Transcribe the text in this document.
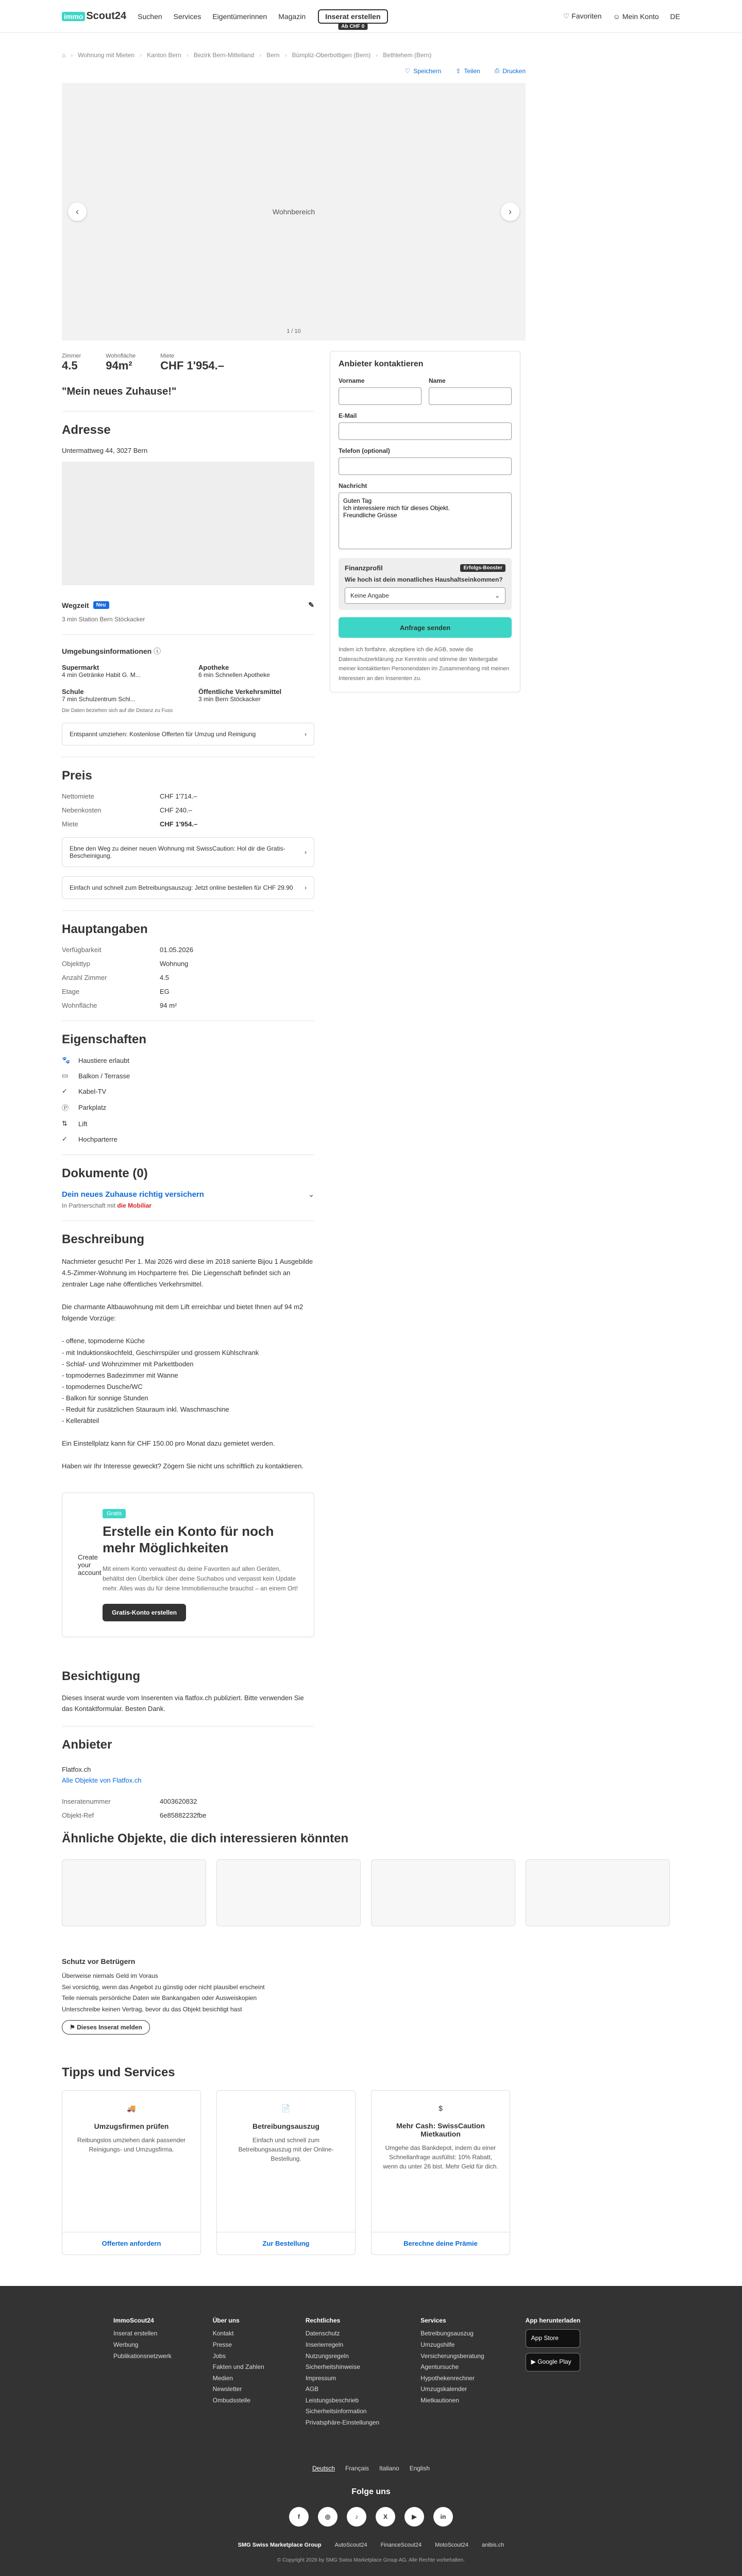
immo Scout24 Suchen Services Eigentümerinnen Magazin	Inserat erstellen
Ab CHF 0
♡ Favoriten ☺ Mein Konto DE
⌂ › Wohnung mit Mieten › Kanton Bern › Bezirk Bern-Mittelland › Bern › Bümpliz-Oberbottigen (Bern) › Bethlehem (Bern)
♡ Speichern ⇪ Teilen ⎙ Drucken
Wohnbereich
‹	›
1 / 10
Zimmer
4.5
Wohnfläche
94m²
Miete
CHF 1'954.–
"Mein neues Zuhause!"
Adresse
Untermattweg 44, 3027 Bern
Wegzeit	Neu	✎
3 min Station Bern Stöckacker
Umgebungsinformationen ⓘ
Supermarkt
4 min Getränke Habit G. M...
Apotheke
6 min Schnellen Apotheke
Schule
7 min Schulzentrum Schl...
Öffentliche Verkehrsmittel
3 min Bern Stöckacker
Die Daten beziehen sich auf die Distanz zu Fuss
Entspannt umziehen: Kostenlose Offerten für Umzug und Reinigung	›
Preis
Nettomiete	CHF 1'714.–
Nebenkosten	CHF 240.–
Miete	CHF 1'954.–
Ebne den Weg zu deiner neuen Wohnung mit SwissCaution: Hol dir die Gratis-Bescheinigung.	›
Einfach und schnell zum Betreibungsauszug: Jetzt online bestellen für CHF 29.90 ›
Hauptangaben
Verfügbarkeit	01.05.2026
Objekttyp	Wohnung
Anzahl Zimmer	4.5
Etage	EG
Wohnfläche	94 m²
Eigenschaften
🐾 Haustiere erlaubt
▭	Balkon / Terrasse
✓	Kabel-TV
Ⓟ	Parkplatz
⇅	Lift
✓	Hochparterre
Dokumente (0)
Dein neues Zuhause richtig versichern	⌄
In Partnerschaft mit die Mobiliar
Beschreibung

Nachmieter gesucht! Per 1. Mai 2026 wird diese im 2018 sanierte Bijou 1 Ausgebilde 4.5-Zimmer-Wohnung im Hochparterre frei. Die Liegenschaft befindet sich an zentraler Lage nahe öffentliches Verkehrsmittel.

Die charmante Altbauwohnung mit dem Lift erreichbar und bietet Ihnen auf 94 m2 folgende Vorzüge:

- offene, topmoderne Küche
- mit Induktionskochfeld, Geschirrspüler und grossem Kühlschrank
- Schlaf- und Wohnzimmer mit Parkettboden
- topmodernes Badezimmer mit Wanne
- topmodernes Dusche/WC
- Balkon für sonnige Stunden
- Reduit für zusätzlichen Stauraum inkl. Waschmaschine
- Kellerabteil

Ein Einstellplatz kann für CHF 150.00 pro Monat dazu gemietet werden.

Haben wir Ihr Interesse geweckt? Zögern Sie nicht uns schriftlich zu kontaktieren.

Create your account
Gratis
Erstelle ein Konto für noch mehr Möglichkeiten
Mit einem Konto verwaltest du deine Favoriten auf allen Geräten, behältst den Überblick über deine Suchabos und verpasst kein Update mehr. Alles was du für deine Immobiliensuche brauchst – an einem Ort!
Gratis-Konto erstellen
Besichtigung
Dieses Inserat wurde vom Inserenten via flatfox.ch publiziert. Bitte verwenden Sie das Kontaktformular. Besten Dank.
Anbieter
Flatfox.ch
Alle Objekte von Flatfox.ch
Inseratenummer	4003620832
Objekt-Ref	6e85882232fbe
Anbieter kontaktieren
Vorname	Name
E-Mail
Telefon (optional)
NachrichtGuten Tag Ich interessiere mich für dieses Objekt. Freundliche Grüsse
Finanzprofil	Erfolgs-Booster
Wie hoch ist dein monatliches Haushaltseinkommen?
Keine Angabe	⌄
Anfrage senden
Indem ich fortfahre, akzeptiere ich die AGB, sowie die Datenschutzerklärung zur Kenntnis und stimme der Weitergabe meiner kontaktierten Personendaten im Zusammenhang mit meinen Interessen an den Inserenten zu.
Ähnliche Objekte, die dich interessieren könnten
Schutz vor Betrügern
Überweise niemals Geld im Voraus
Sei vorsichtig, wenn das Angebot zu günstig oder nicht plausibel erscheint
Teile niemals persönliche Daten wie Bankangaben oder Ausweiskopien
Unterschreibe keinen Vertrag, bevor du das Objekt besichtigt hast
⚑ Dieses Inserat melden
Tipps und Services
🚚
Umzugsfirmen prüfen

Reibungslos umziehen dank passender Reinigungs- und Umzugsfirma.

Offerten anfordern
📄
Betreibungsauszug

Einfach und schnell zum Betreibungsauszug mit der Online-Bestellung.

Zur Bestellung
$
Mehr Cash: SwissCaution Mietkaution

Umgehe das Bankdepot, indem du einer Schnellanfrage ausfüllst: 10% Rabatt, wenn du unter 26 bist. Mehr Geld für dich.

Berechne deine Prämie
ImmoScout24
Inserat erstellen
Werbung
Publikationsnetzwerk
Über uns
Kontakt
Presse
Jobs
Fakten und Zahlen
Medien
Newsletter
Ombudsstelle
Rechtliches
Datenschutz
Inserierregeln
Nutzungsregeln
Sicherheitshinweise
Impressum
AGB
Leistungsbeschrieb
Sicherheitsinformation
Privatsphäre-Einstellungen
Services
Betreibungsauszug
Umzugshilfe
Versicherungsberatung
Agentursuche
Hypothekenrechner
Umzugskalender
Mietkautionen
App herunterladen
App Store
▶ Google Play
Deutsch Français Italiano English
Folge uns
f	◎	♪	X	▶	in
SMG Swiss Marketplace Group AutoScout24 FinanceScout24 MotoScout24 anibis.ch
© Copyright 2026 by SMG Swiss Marketplace Group AG. Alle Rechte vorbehalten.
